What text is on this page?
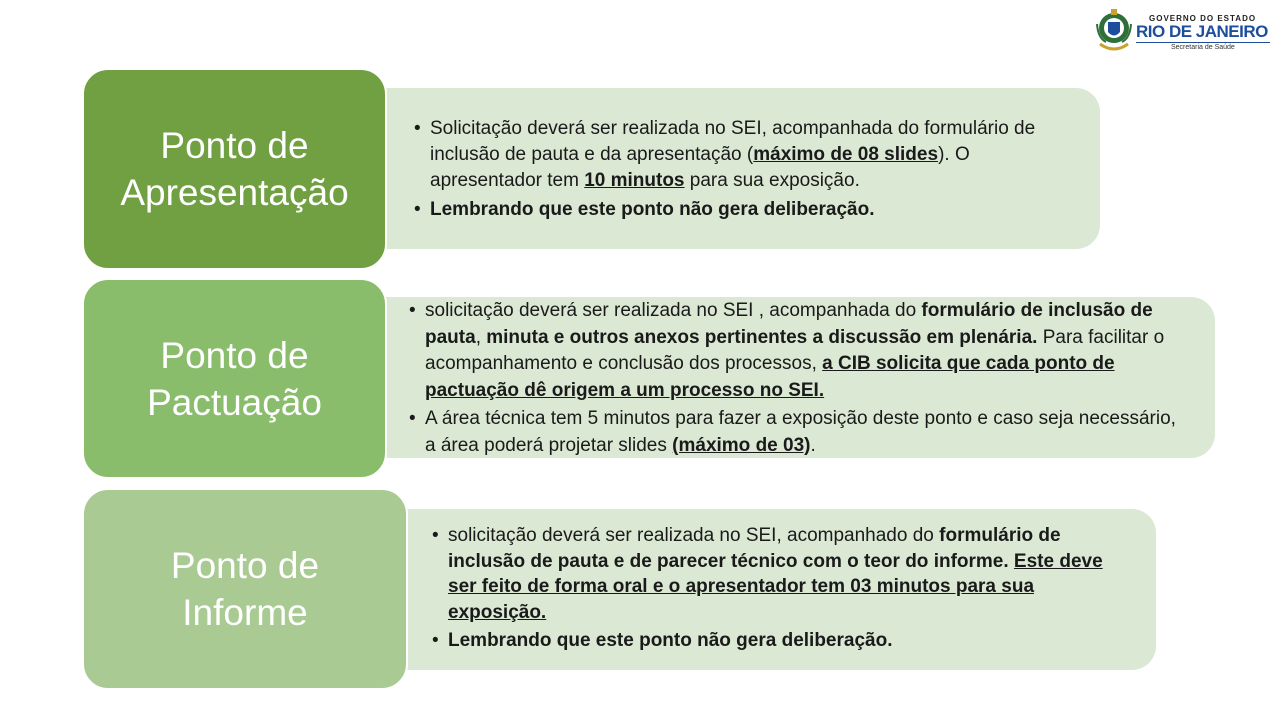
GOVERNO DO ESTADO
RIO DE JANEIRO
Secretaria de Saúde
Ponto de
Apresentação
• Solicitação deverá ser realizada no SEI, acompanhada do formulário de inclusão de pauta e da apresentação (máximo de 08 slides). O apresentador tem 10 minutos para sua exposição.
• Lembrando que este ponto não gera deliberação.
Ponto de
Pactuação
• solicitação deverá ser realizada no SEI , acompanhada do formulário de inclusão de pauta, minuta e outros anexos pertinentes a discussão em plenária. Para facilitar o acompanhamento e conclusão dos processos, a CIB solicita que cada ponto de pactuação dê origem a um processo no SEI.
• A área técnica tem 5 minutos para fazer a exposição deste ponto e caso seja necessário, a área poderá projetar slides (máximo de 03).
Ponto de
Informe
• solicitação deverá ser realizada no SEI, acompanhado do formulário de inclusão de pauta e de parecer técnico com o teor do informe. Este deve ser feito de forma oral e o apresentador tem 03 minutos para sua exposição.
• Lembrando que este ponto não gera deliberação.
